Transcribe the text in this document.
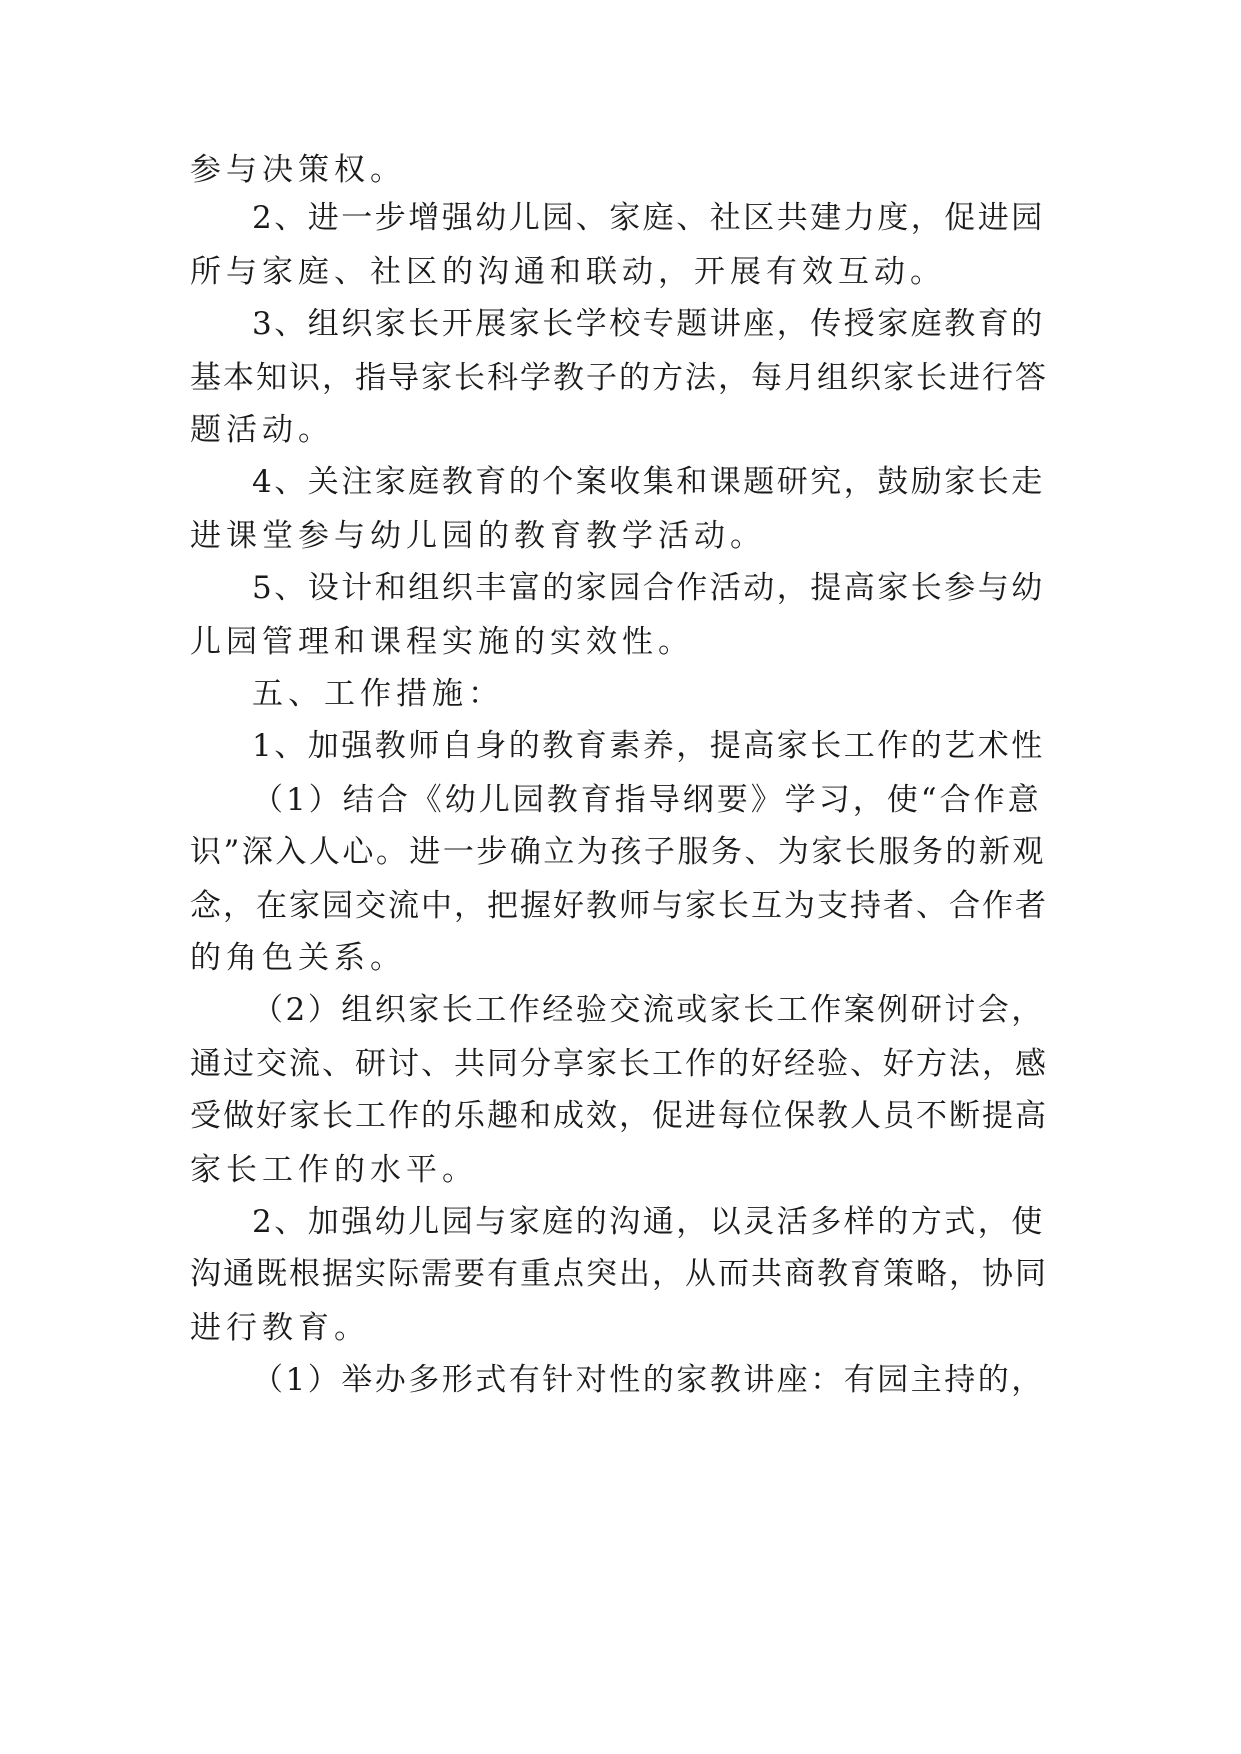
参与决策权。

2、进一步增强幼儿园、家庭、社区共建力度，促进园

所与家庭、社区的沟通和联动，开展有效互动。

3、组织家长开展家长学校专题讲座，传授家庭教育的

基本知识，指导家长科学教子的方法，每月组织家长进行答

题活动。

4、关注家庭教育的个案收集和课题研究，鼓励家长走

进课堂参与幼儿园的教育教学活动。

5、设计和组织丰富的家园合作活动，提高家长参与幼

儿园管理和课程实施的实效性。

五、工作措施：

1、加强教师自身的教育素养，提高家长工作的艺术性

（1）结合《幼儿园教育指导纲要》学习，使“合作意

识”深入人心。进一步确立为孩子服务、为家长服务的新观

念，在家园交流中，把握好教师与家长互为支持者、合作者

的角色关系。

（2）组织家长工作经验交流或家长工作案例研讨会，

通过交流、研讨、共同分享家长工作的好经验、好方法，感

受做好家长工作的乐趣和成效，促进每位保教人员不断提高

家长工作的水平。

2、加强幼儿园与家庭的沟通，以灵活多样的方式，使

沟通既根据实际需要有重点突出，从而共商教育策略，协同

进行教育。

（1）举办多形式有针对性的家教讲座：有园主持的，
